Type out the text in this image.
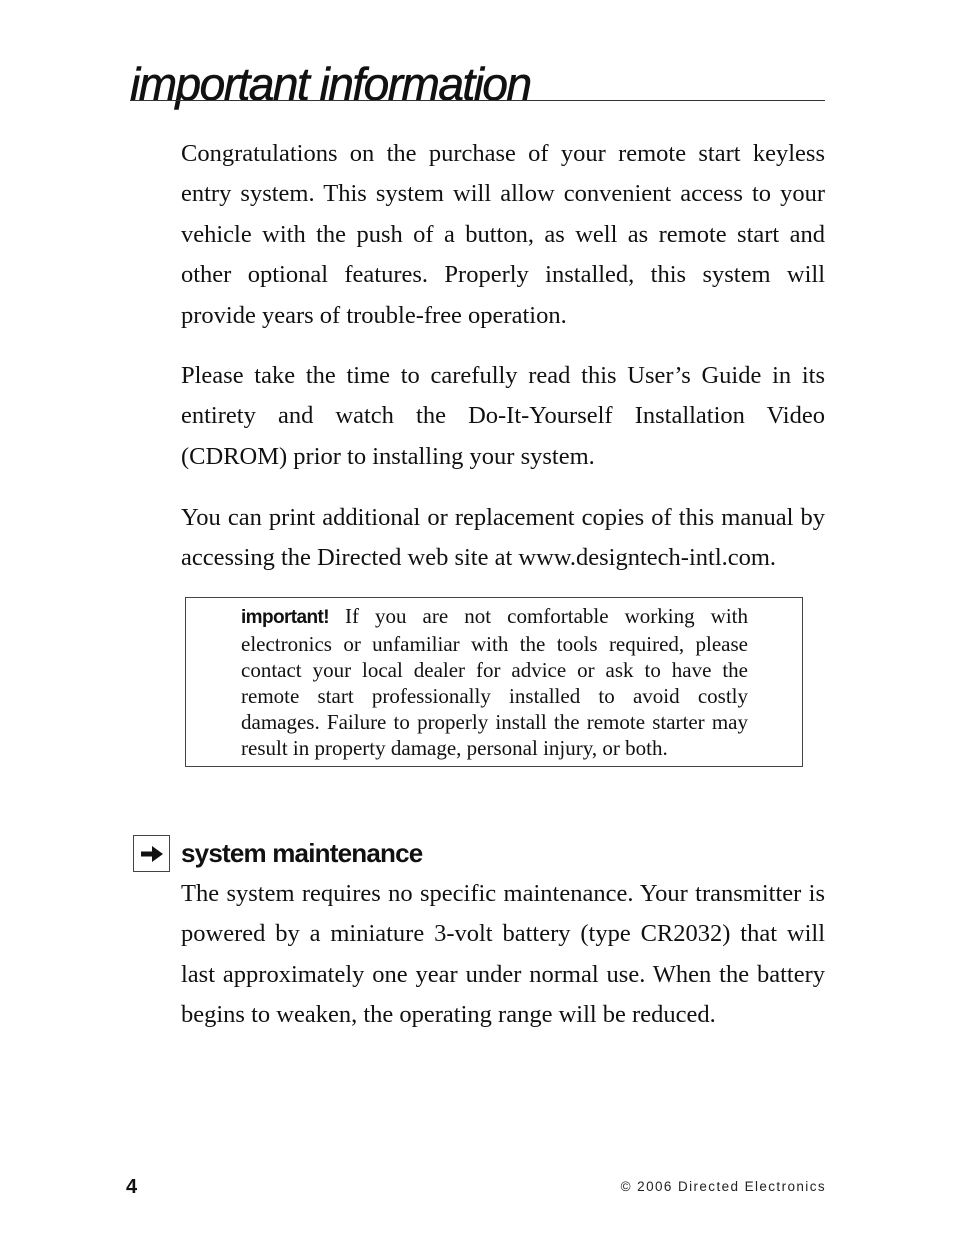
important information

Congratulations on the purchase of your remote start keyless entry system. This system will allow convenient access to your vehicle with the push of a button, as well as remote start and other optional features. Properly installed, this system will provide years of trouble-free operation.

Please take the time to carefully read this User’s Guide in its entirety and watch the Do-It-Yourself Installation Video (CDROM) prior to installing your system.

You can print additional or replacement copies of this manual by accessing the Directed web site at www.designtech-intl.com.

important! If you are not comfortable working with electronics or unfamiliar with the tools required, please contact your local dealer for advice or ask to have the remote start professionally installed to avoid costly damages. Failure to properly install the remote starter may result in property damage, personal injury, or both.

system maintenance

The system requires no specific maintenance. Your transmitter is powered by a miniature 3-volt battery (type CR2032) that will last approximately one year under normal use. When the battery begins to weaken, the operating range will be reduced.

4	© 2006 Directed Electronics
